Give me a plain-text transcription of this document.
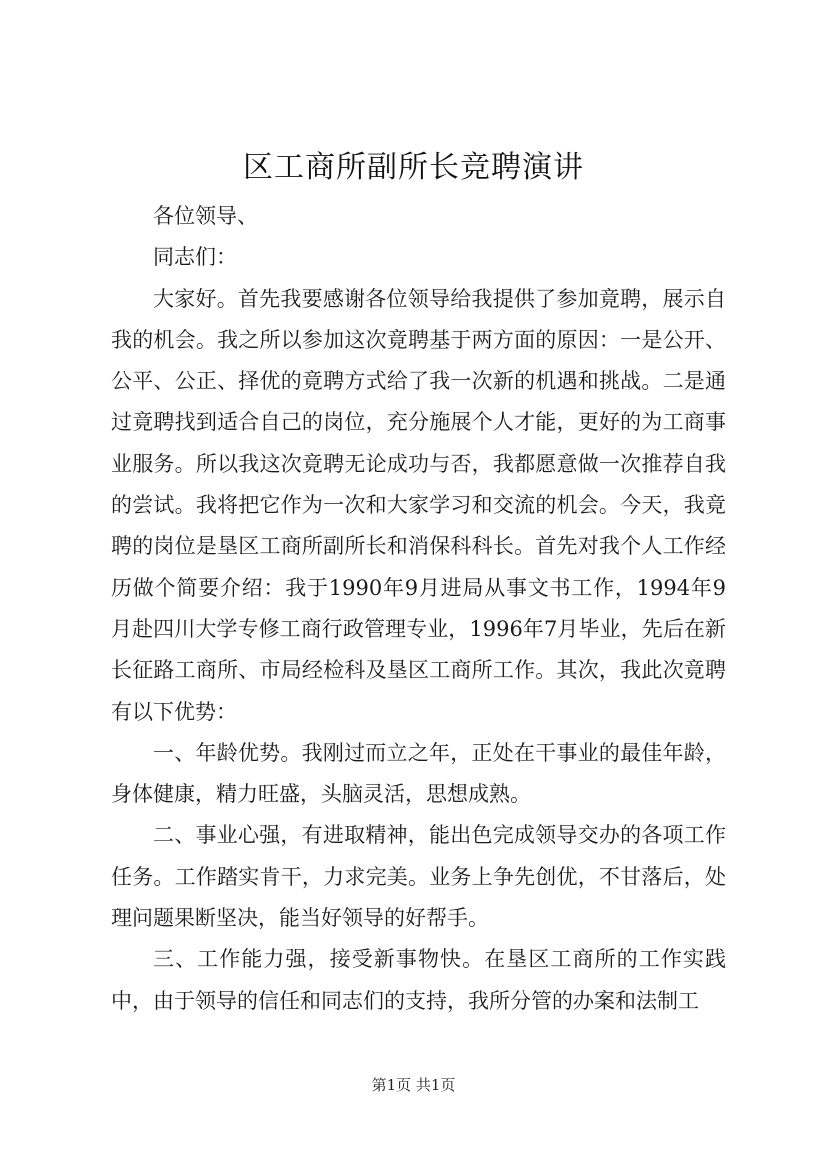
区工商所副所长竞聘演讲

各位领导、

同志们：

大家好。首先我要感谢各位领导给我提供了参加竟聘，展示自我的机会。我之所以参加这次竟聘基于两方面的原因：一是公开、公平、公正、择优的竟聘方式给了我一次新的机遇和挑战。二是通过竟聘找到适合自己的岗位，充分施展个人才能，更好的为工商事业服务。所以我这次竟聘无论成功与否，我都愿意做一次推荐自我的尝试。我将把它作为一次和大家学习和交流的机会。今天，我竟聘的岗位是垦区工商所副所长和消保科科长。首先对我个人工作经历做个简要介绍：我于1990年9月进局从事文书工作，1994年9月赴四川大学专修工商行政管理专业，1996年7月毕业，先后在新长征路工商所、市局经检科及垦区工商所工作。其次，我此次竟聘有以下优势：

一、年龄优势。我刚过而立之年，正处在干事业的最佳年龄，身体健康，精力旺盛，头脑灵活，思想成熟。

二、事业心强，有进取精神，能出色完成领导交办的各项工作任务。工作踏实肯干，力求完美。业务上争先创优，不甘落后，处理问题果断坚决，能当好领导的好帮手。

三、工作能力强，接受新事物快。在垦区工商所的工作实践中，由于领导的信任和同志们的支持，我所分管的办案和法制工

第1页 共1页
